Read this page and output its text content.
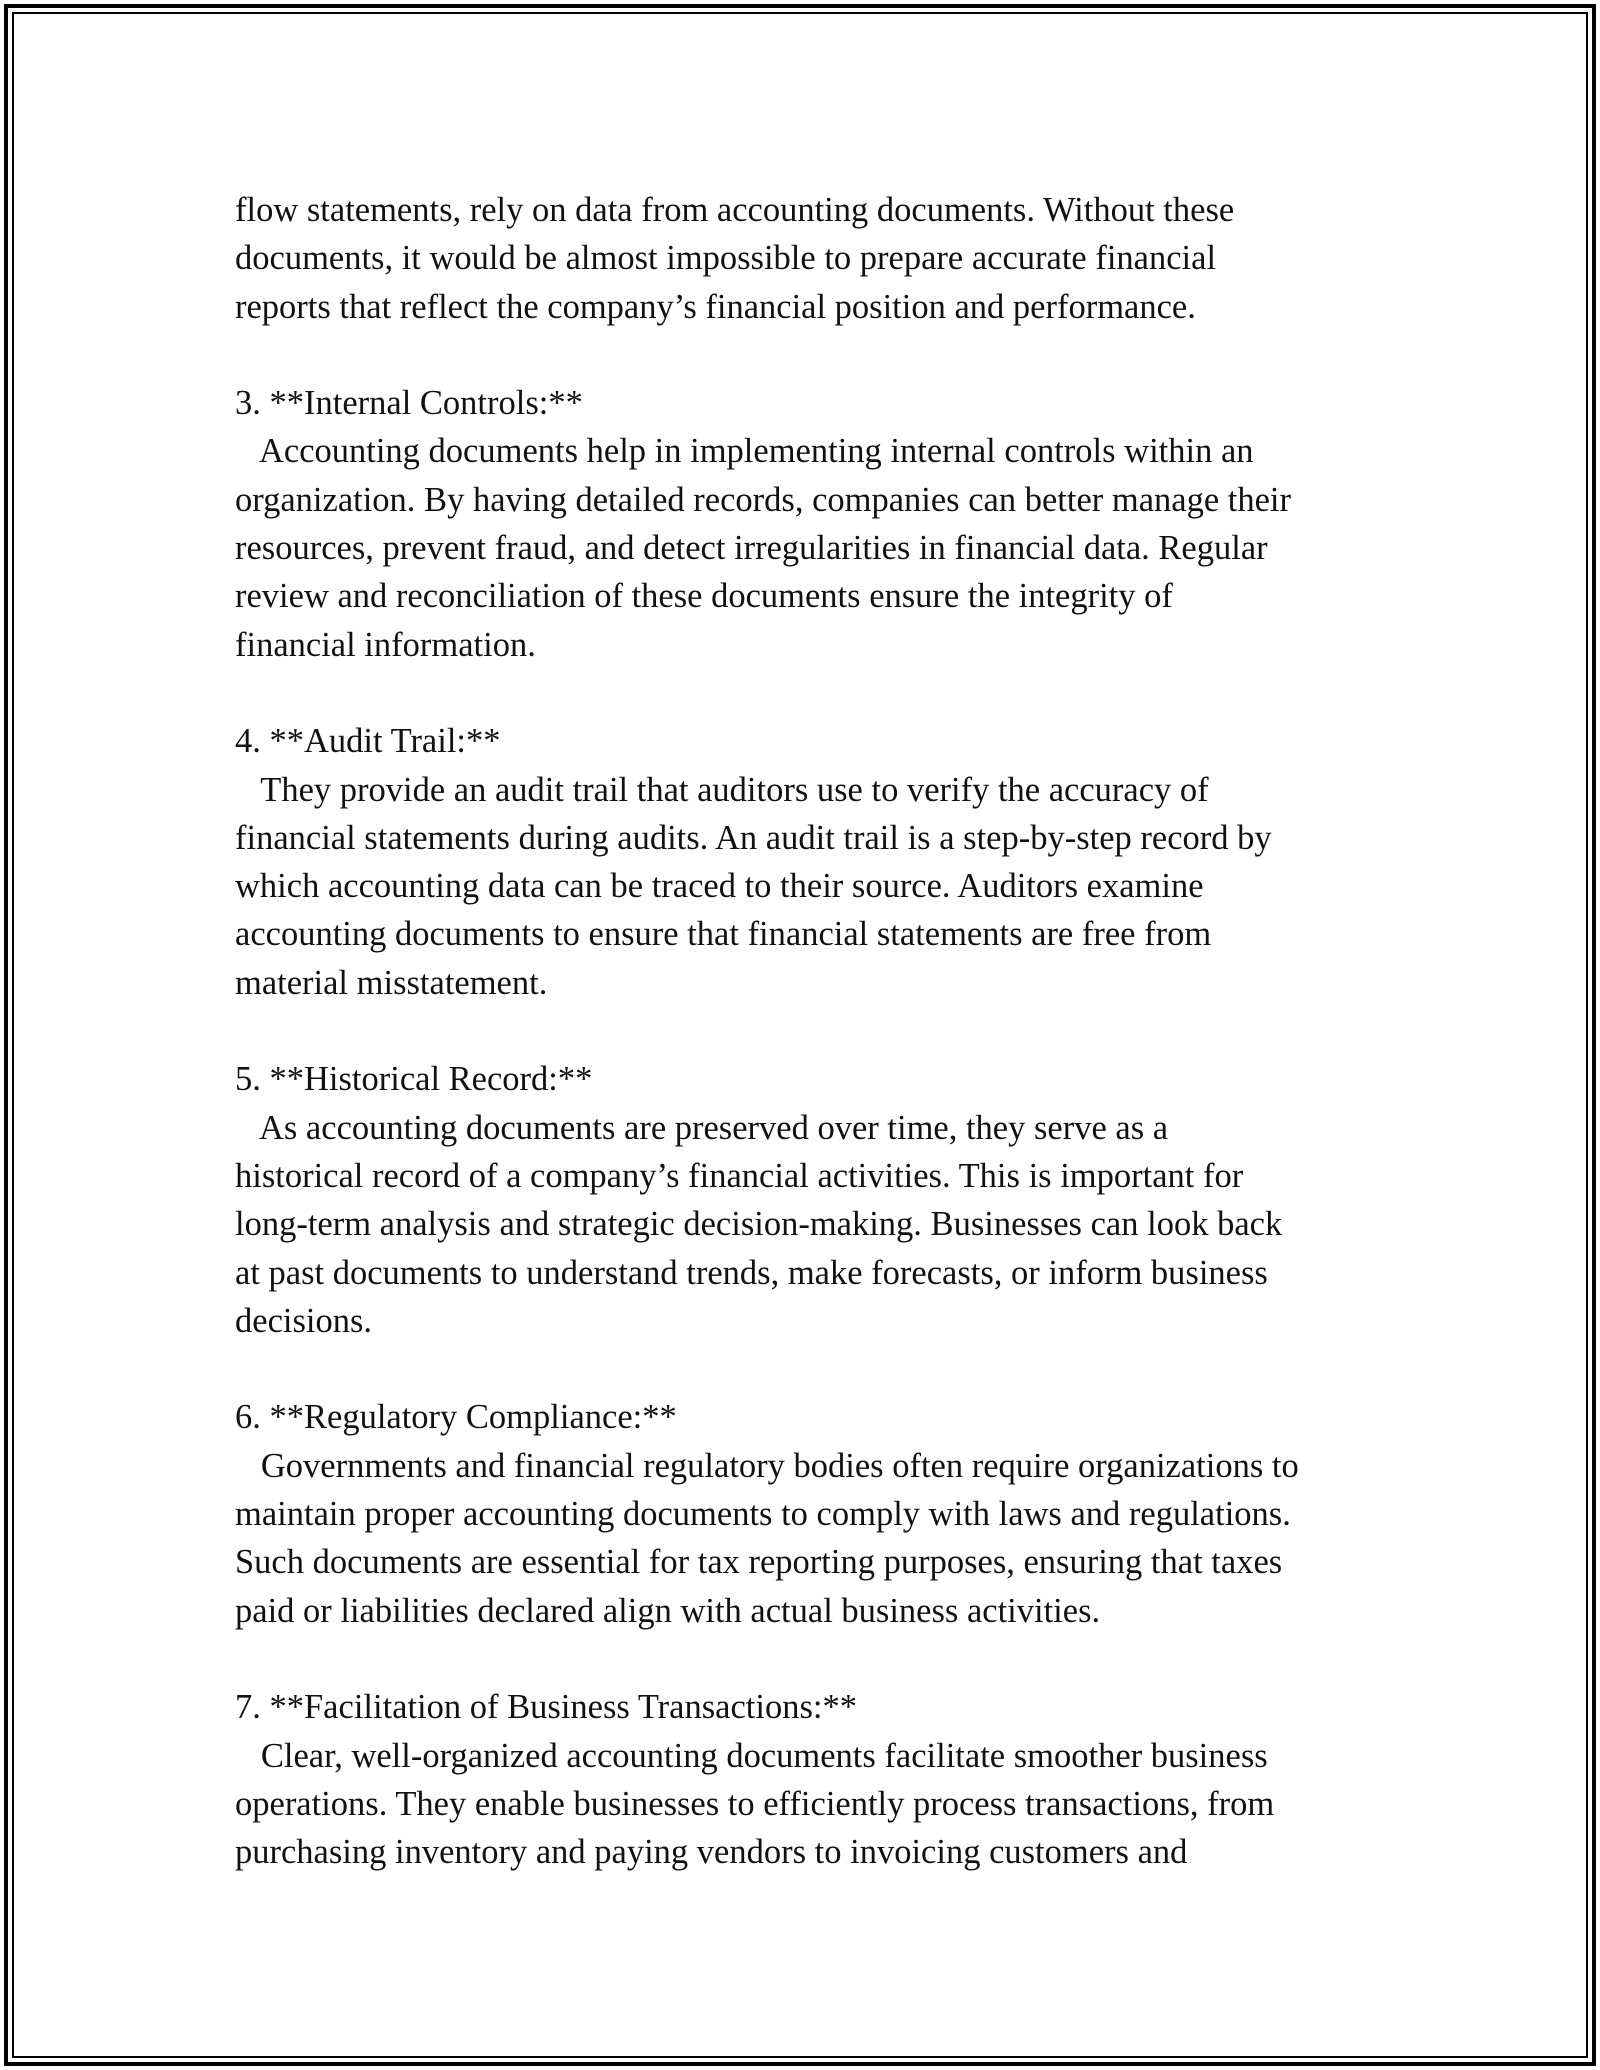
flow statements, rely on data from accounting documents. Without these
documents, it would be almost impossible to prepare accurate financial
reports that reflect the company’s financial position and performance.
3. **Internal Controls:**
Accounting documents help in implementing internal controls within an
organization. By having detailed records, companies can better manage their
resources, prevent fraud, and detect irregularities in financial data. Regular
review and reconciliation of these documents ensure the integrity of
financial information.
4. **Audit Trail:**
They provide an audit trail that auditors use to verify the accuracy of
financial statements during audits. An audit trail is a step-by-step record by
which accounting data can be traced to their source. Auditors examine
accounting documents to ensure that financial statements are free from
material misstatement.
5. **Historical Record:**
As accounting documents are preserved over time, they serve as a
historical record of a company’s financial activities. This is important for
long-term analysis and strategic decision-making. Businesses can look back
at past documents to understand trends, make forecasts, or inform business
decisions.
6. **Regulatory Compliance:**
Governments and financial regulatory bodies often require organizations to
maintain proper accounting documents to comply with laws and regulations.
Such documents are essential for tax reporting purposes, ensuring that taxes
paid or liabilities declared align with actual business activities.
7. **Facilitation of Business Transactions:**
Clear, well-organized accounting documents facilitate smoother business
operations. They enable businesses to efficiently process transactions, from
purchasing inventory and paying vendors to invoicing customers and
